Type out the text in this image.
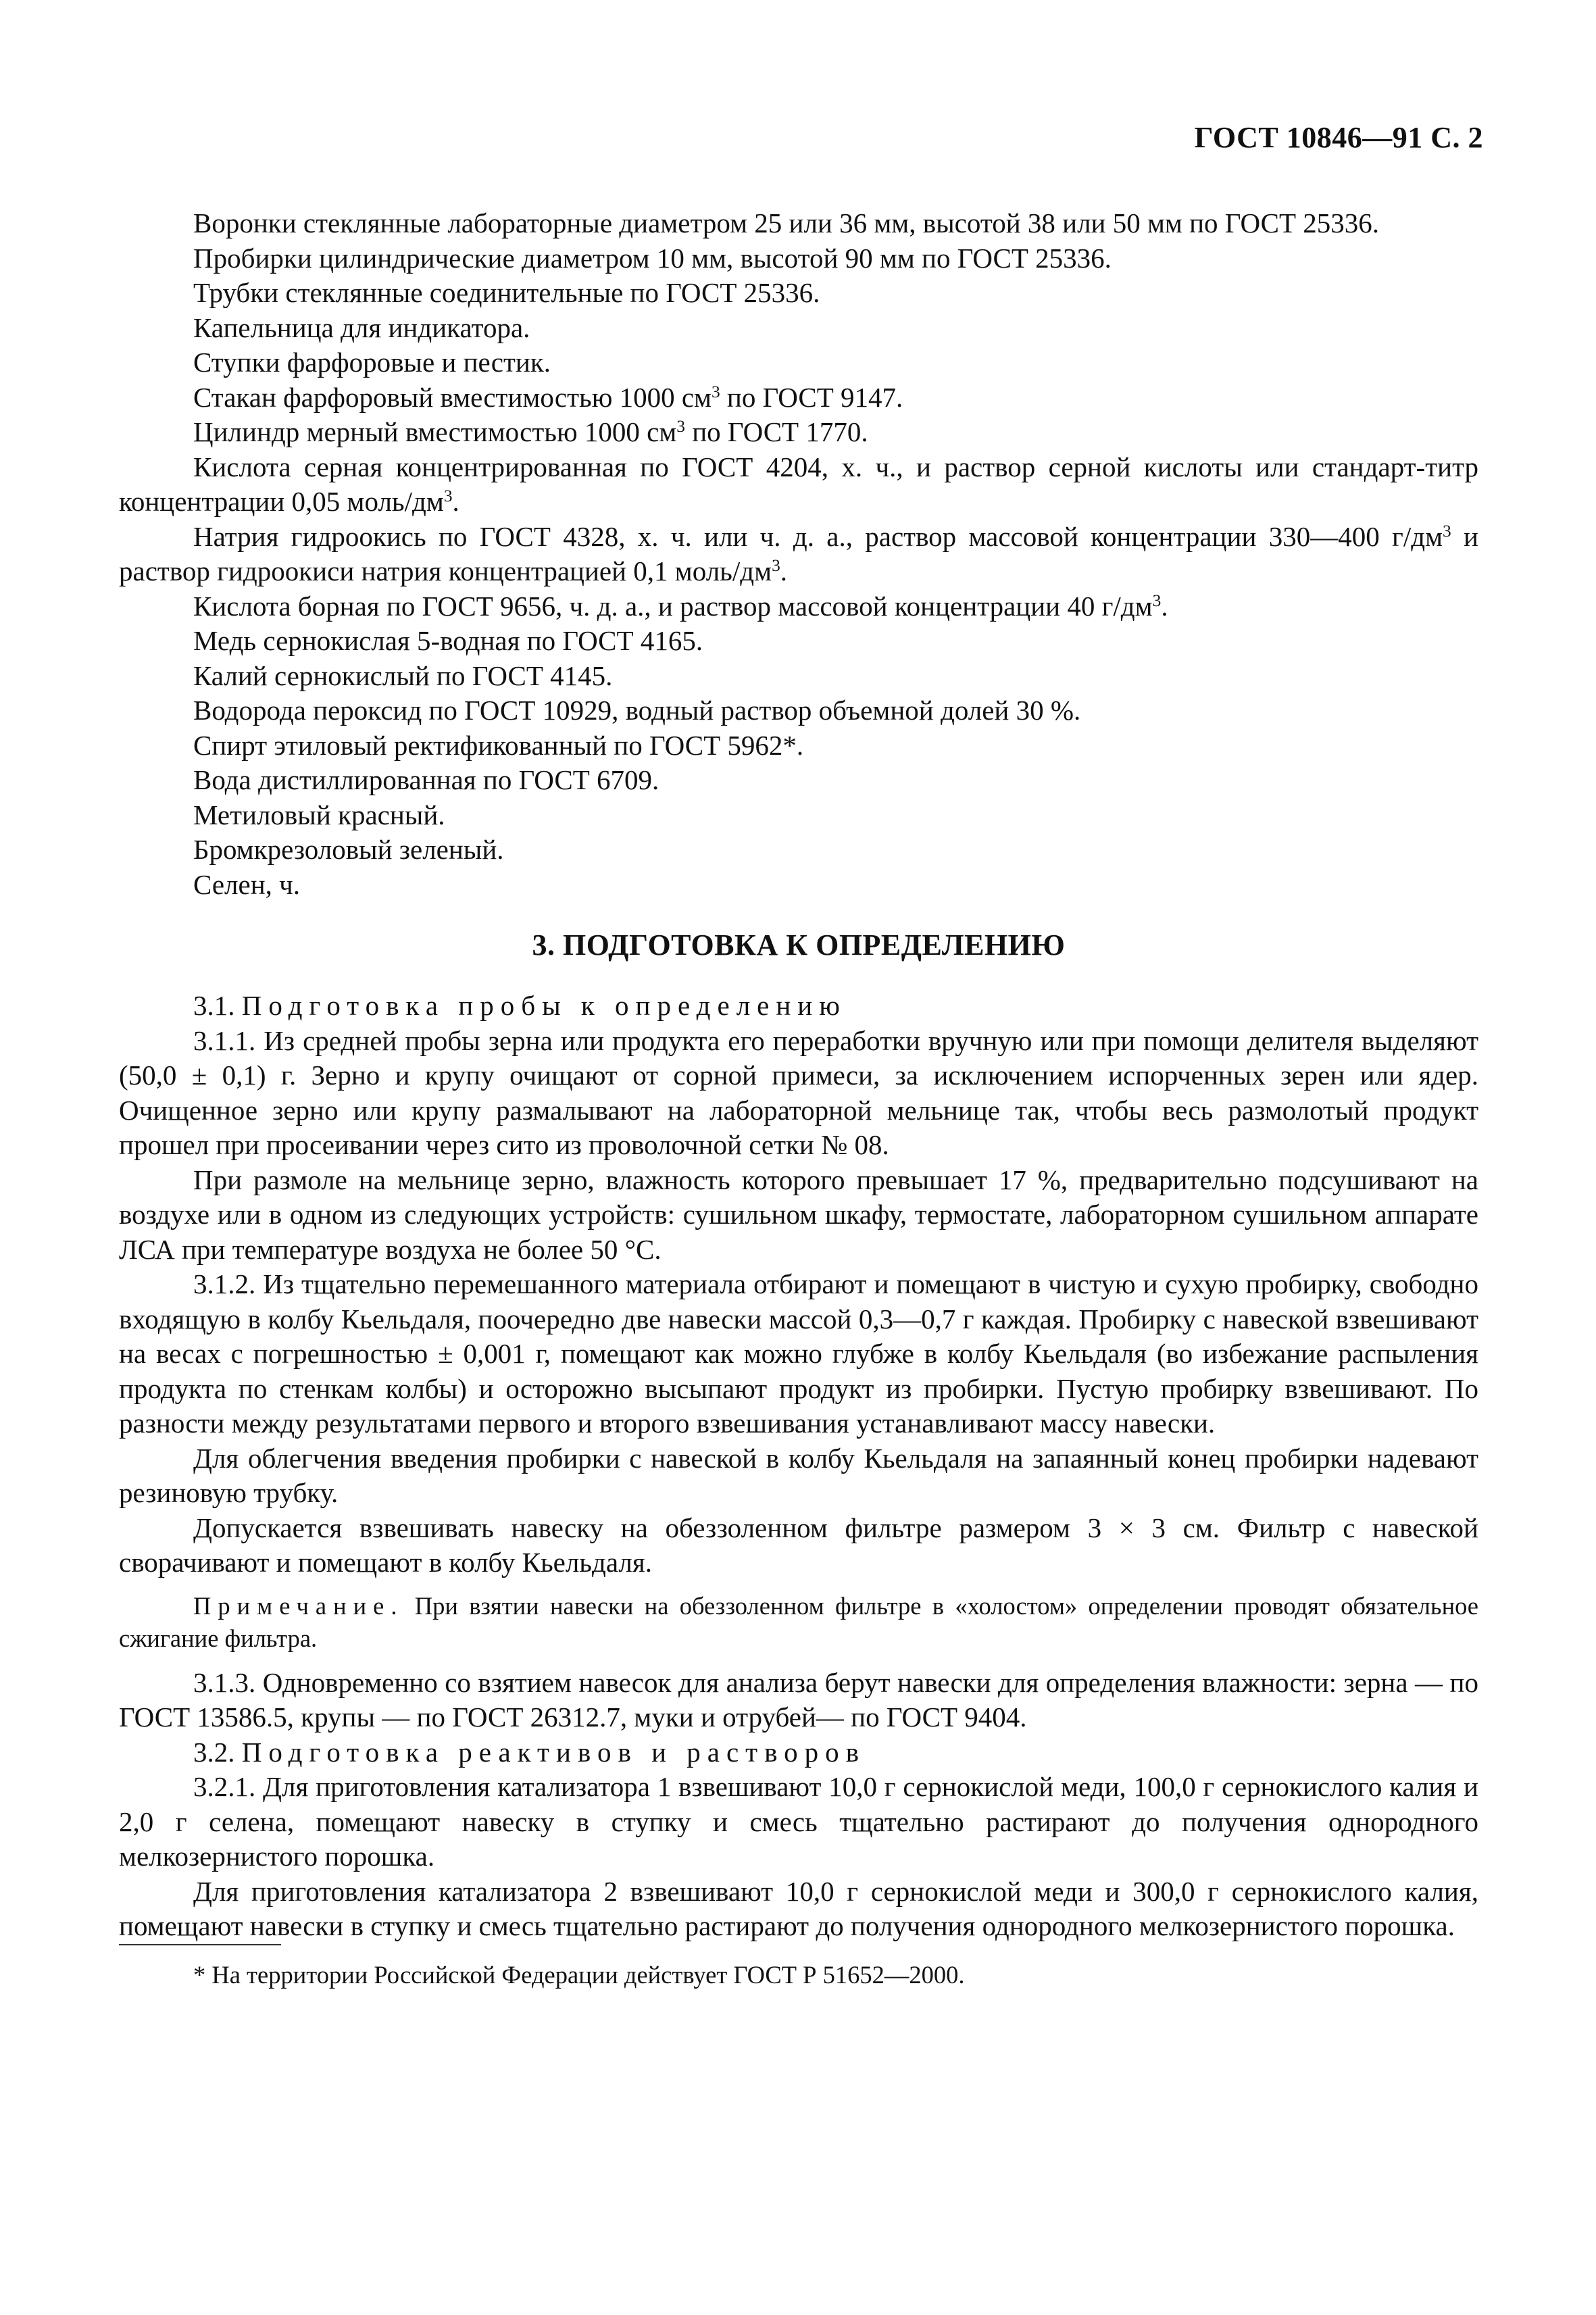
ГОСТ 10846—91 С. 2

Воронки стеклянные лабораторные диаметром 25 или 36 мм, высотой 38 или 50 мм по ГОСТ 25336.

Пробирки цилиндрические диаметром 10 мм, высотой 90 мм по ГОСТ 25336.

Трубки стеклянные соединительные по ГОСТ 25336.

Капельница для индикатора.

Ступки фарфоровые и пестик.

Стакан фарфоровый вместимостью 1000 $см^3$ по ГОСТ 9147.

Цилиндр мерный вместимостью 1000 $см^3$ по ГОСТ 1770.

Кислота серная концентрированная по ГОСТ 4204, х. ч., и раствор серной кислоты или стандарт-титр концентрации 0,05 моль/$дм^3$.

Натрия гидроокись по ГОСТ 4328, х. ч. или ч. д. а., раствор массовой концентрации 330—400 $г/дм^3$ и раствор гидроокиси натрия концентрацией 0,1 моль/$дм^3$.

Кислота борная по ГОСТ 9656, ч. д. а., и раствор массовой концентрации 40 $г/дм^3$.

Медь сернокислая 5-водная по ГОСТ 4165.

Калий сернокислый по ГОСТ 4145.

Водорода пероксид по ГОСТ 10929, водный раствор объемной долей 30 %.

Спирт этиловый ректификованный по ГОСТ 5962*.

Вода дистиллированная по ГОСТ 6709.

Метиловый красный.

Бромкрезоловый зеленый.

Селен, ч.

3. ПОДГОТОВКА К ОПРЕДЕЛЕНИЮ

3.1. Подготовка пробы к определению

3.1.1. Из средней пробы зерна или продукта его переработки вручную или при помощи делителя выделяют (50,0 ± 0,1) г. Зерно и крупу очищают от сорной примеси, за исключением испорченных зерен или ядер. Очищенное зерно или крупу размалывают на лабораторной мельнице так, чтобы весь размолотый продукт прошел при просеивании через сито из проволочной сетки № 08.

При размоле на мельнице зерно, влажность которого превышает 17 %, предварительно подсушивают на воздухе или в одном из следующих устройств: сушильном шкафу, термостате, лабораторном сушильном аппарате ЛСА при температуре воздуха не более 50 °С.

3.1.2. Из тщательно перемешанного материала отбирают и помещают в чистую и сухую пробирку, свободно входящую в колбу Кьельдаля, поочередно две навески массой 0,3—0,7 г каждая. Пробирку с навеской взвешивают на весах с погрешностью ± 0,001 г, помещают как можно глубже в колбу Кьельдаля (во избежание распыления продукта по стенкам колбы) и осторожно высыпают продукт из пробирки. Пустую пробирку взвешивают. По разности между результатами первого и второго взвешивания устанавливают массу навески.

Для облегчения введения пробирки с навеской в колбу Кьельдаля на запаянный конец пробирки надевают резиновую трубку.

Допускается взвешивать навеску на обеззоленном фильтре размером 3 × 3 см. Фильтр с навеской сворачивают и помещают в колбу Кьельдаля.

Примечание. При взятии навески на обеззоленном фильтре в «холостом» определении проводят обязательное сжигание фильтра.

3.1.3. Одновременно со взятием навесок для анализа берут навески для определения влажности: зерна — по ГОСТ 13586.5, крупы — по ГОСТ 26312.7, муки и отрубей— по ГОСТ 9404.

3.2. Подготовка реактивов и растворов

3.2.1. Для приготовления катализатора 1 взвешивают 10,0 г сернокислой меди, 100,0 г сернокислого калия и 2,0 г селена, помещают навеску в ступку и смесь тщательно растирают до получения однородного мелкозернистого порошка.

Для приготовления катализатора 2 взвешивают 10,0 г сернокислой меди и 300,0 г сернокислого калия, помещают навески в ступку и смесь тщательно растирают до получения однородного мелкозернистого порошка.

* На территории Российской Федерации действует ГОСТ Р 51652—2000.
